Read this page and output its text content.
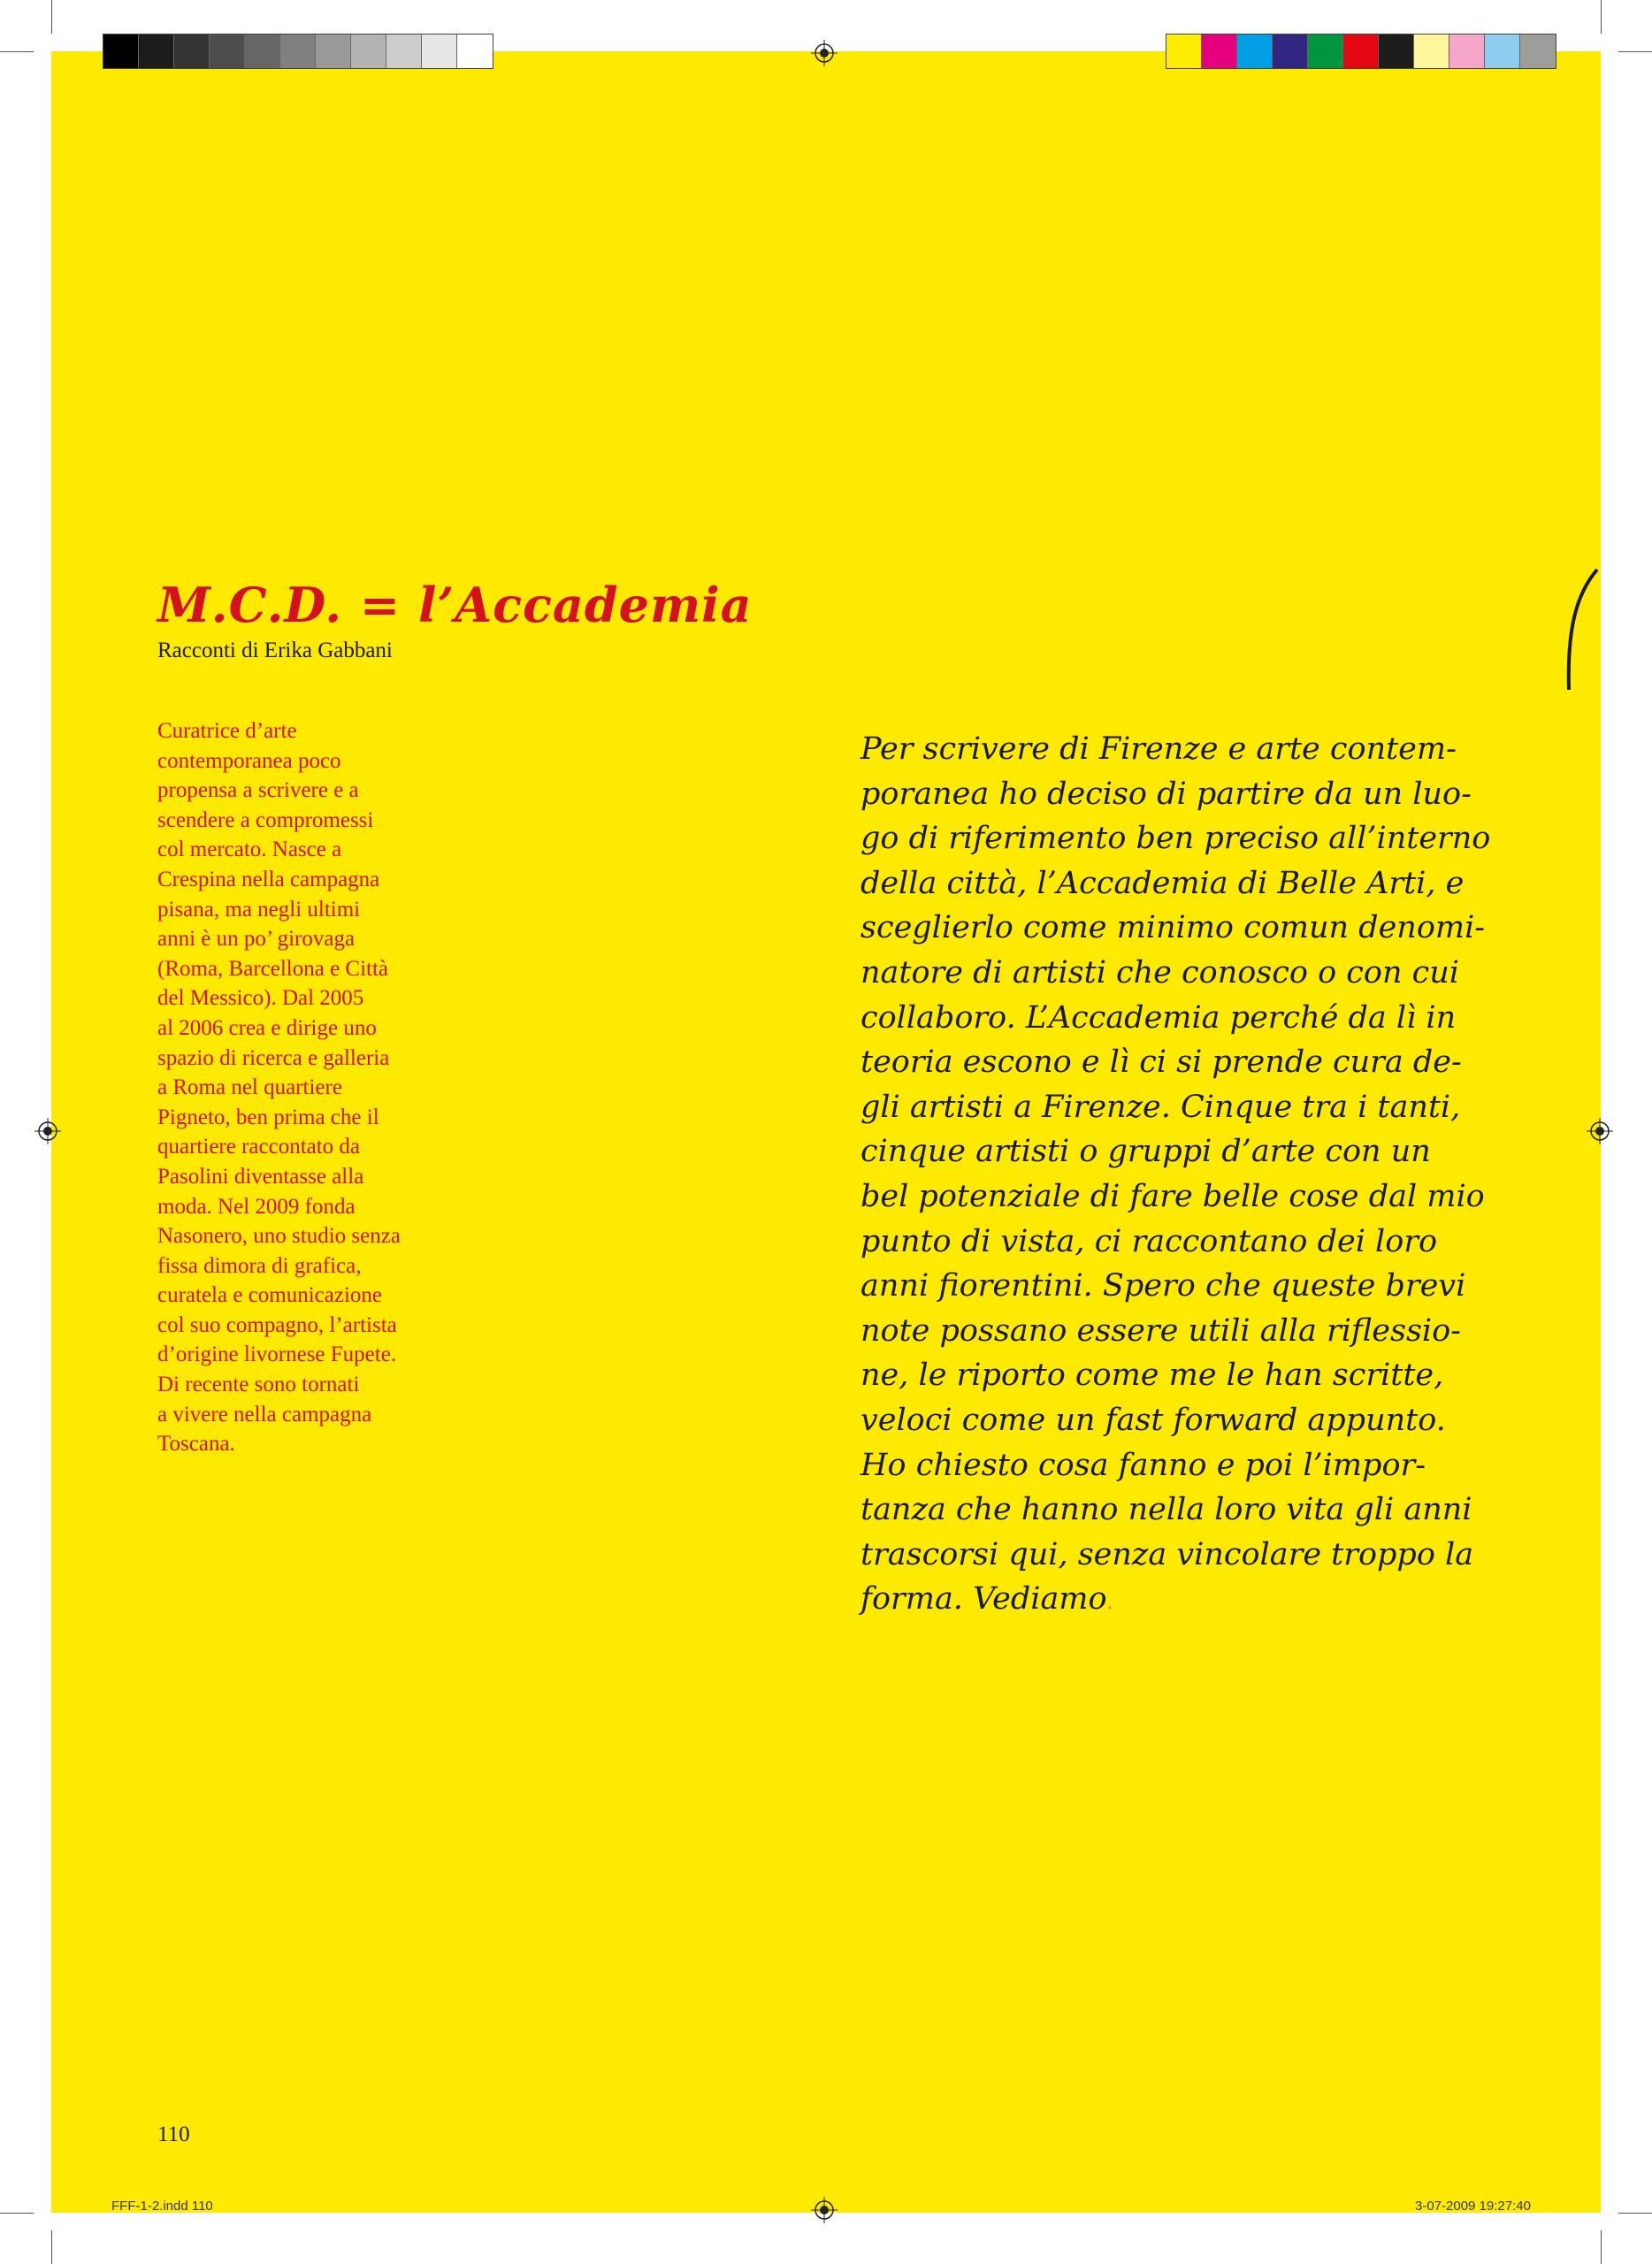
M.C.D. = l’Accademia
Racconti di Erika Gabbani
Curatrice d’arte
contemporanea poco
propensa a scrivere e a
scendere a compromessi
col mercato. Nasce a
Crespina nella campagna
pisana, ma negli ultimi
anni è un po’ girovaga
(Roma, Barcellona e Città
del Messico). Dal 2005
al 2006 crea e dirige uno
spazio di ricerca e galleria
a Roma nel quartiere
Pigneto, ben prima che il
quartiere raccontato da
Pasolini diventasse alla
moda. Nel 2009 fonda
Nasonero, uno studio senza
fissa dimora di grafica,
curatela e comunicazione
col suo compagno, l’artista
d’origine livornese Fupete.
Di recente sono tornati
a vivere nella campagna
Toscana.
Per scrivere di Firenze e arte contem-
poranea ho deciso di partire da un luo-
go di riferimento ben preciso all’interno
della città, l’Accademia di Belle Arti, e
sceglierlo come minimo comun denomi-
natore di artisti che conosco o con cui
collaboro. L’Accademia perché da lì in
teoria escono e lì ci si prende cura de-
gli artisti a Firenze. Cinque tra i tanti,
cinque artisti o gruppi d’arte con un
bel potenziale di fare belle cose dal mio
punto di vista, ci raccontano dei loro
anni fiorentini. Spero che queste brevi
note possano essere utili alla riflessio-
ne, le riporto come me le han scritte,
veloci come un fast forward appunto.
Ho chiesto cosa fanno e poi l’impor-
tanza che hanno nella loro vita gli anni
trascorsi qui, senza vincolare troppo la
forma. Vediamo.
110
FFF-1-2.indd 110	3-07-2009 19:27:40
